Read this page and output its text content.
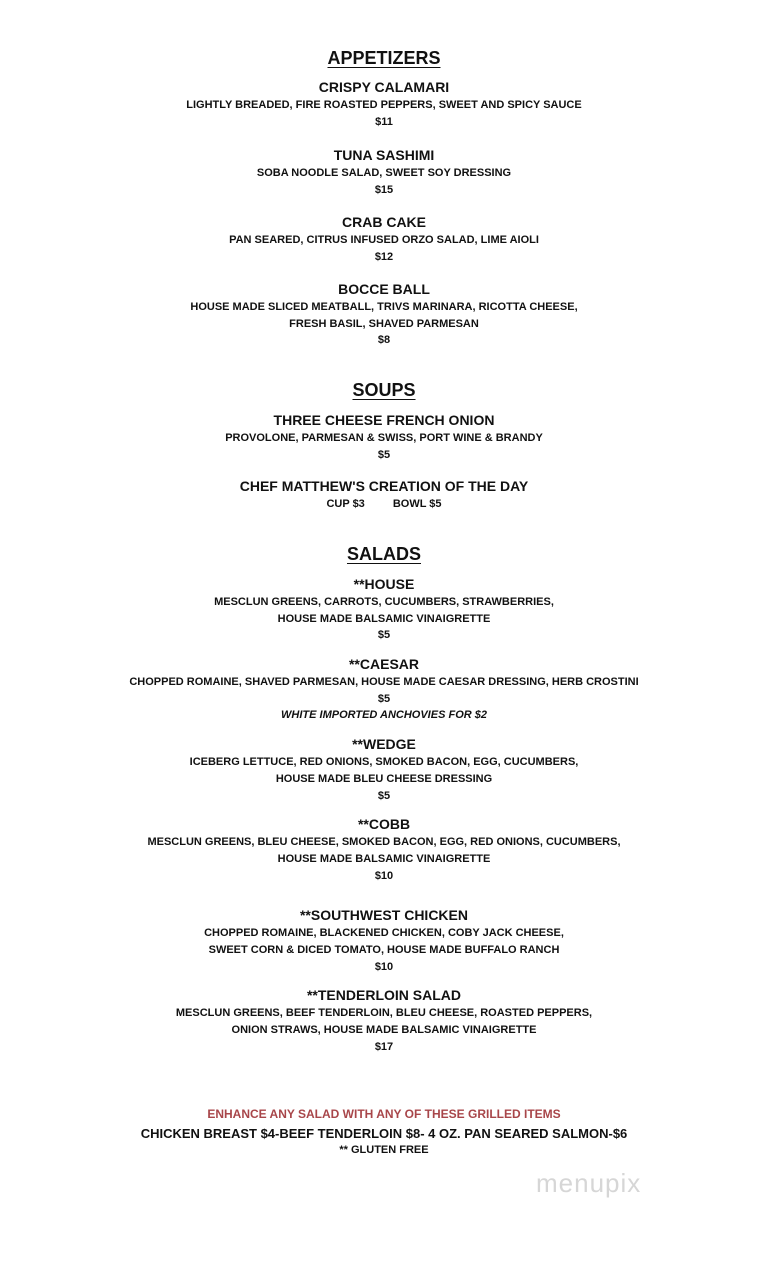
APPETIZERS
CRISPY CALAMARI
LIGHTLY BREADED, FIRE ROASTED PEPPERS, SWEET AND SPICY SAUCE
$11
TUNA SASHIMI
SOBA NOODLE SALAD, SWEET SOY DRESSING
$15
CRAB CAKE
PAN SEARED, CITRUS INFUSED ORZO SALAD, LIME AIOLI
$12
BOCCE BALL
HOUSE MADE SLICED MEATBALL, TRIVS MARINARA, RICOTTA CHEESE,
FRESH BASIL, SHAVED PARMESAN
$8
SOUPS
THREE CHEESE FRENCH ONION
PROVOLONE, PARMESAN & SWISS, PORT WINE & BRANDY
$5
CHEF MATTHEW'S CREATION OF THE DAY
CUP $3	BOWL $5
SALADS
**HOUSE
MESCLUN GREENS, CARROTS, CUCUMBERS, STRAWBERRIES,
HOUSE MADE BALSAMIC VINAIGRETTE
$5
**CAESAR
CHOPPED ROMAINE, SHAVED PARMESAN, HOUSE MADE CAESAR DRESSING, HERB CROSTINI
$5
WHITE IMPORTED ANCHOVIES FOR $2
**WEDGE
ICEBERG LETTUCE, RED ONIONS, SMOKED BACON, EGG, CUCUMBERS,
HOUSE MADE BLEU CHEESE DRESSING
$5
**COBB
MESCLUN GREENS, BLEU CHEESE, SMOKED BACON, EGG, RED ONIONS, CUCUMBERS,
HOUSE MADE BALSAMIC VINAIGRETTE
$10
**SOUTHWEST CHICKEN
CHOPPED ROMAINE, BLACKENED CHICKEN, COBY JACK CHEESE,
SWEET CORN & DICED TOMATO, HOUSE MADE BUFFALO RANCH
$10
**TENDERLOIN SALAD
MESCLUN GREENS, BEEF TENDERLOIN, BLEU CHEESE, ROASTED PEPPERS,
ONION STRAWS, HOUSE MADE BALSAMIC VINAIGRETTE
$17
ENHANCE ANY SALAD WITH ANY OF THESE GRILLED ITEMS
CHICKEN BREAST $4-BEEF TENDERLOIN $8- 4 OZ. PAN SEARED SALMON-$6
** GLUTEN FREE
menupix
